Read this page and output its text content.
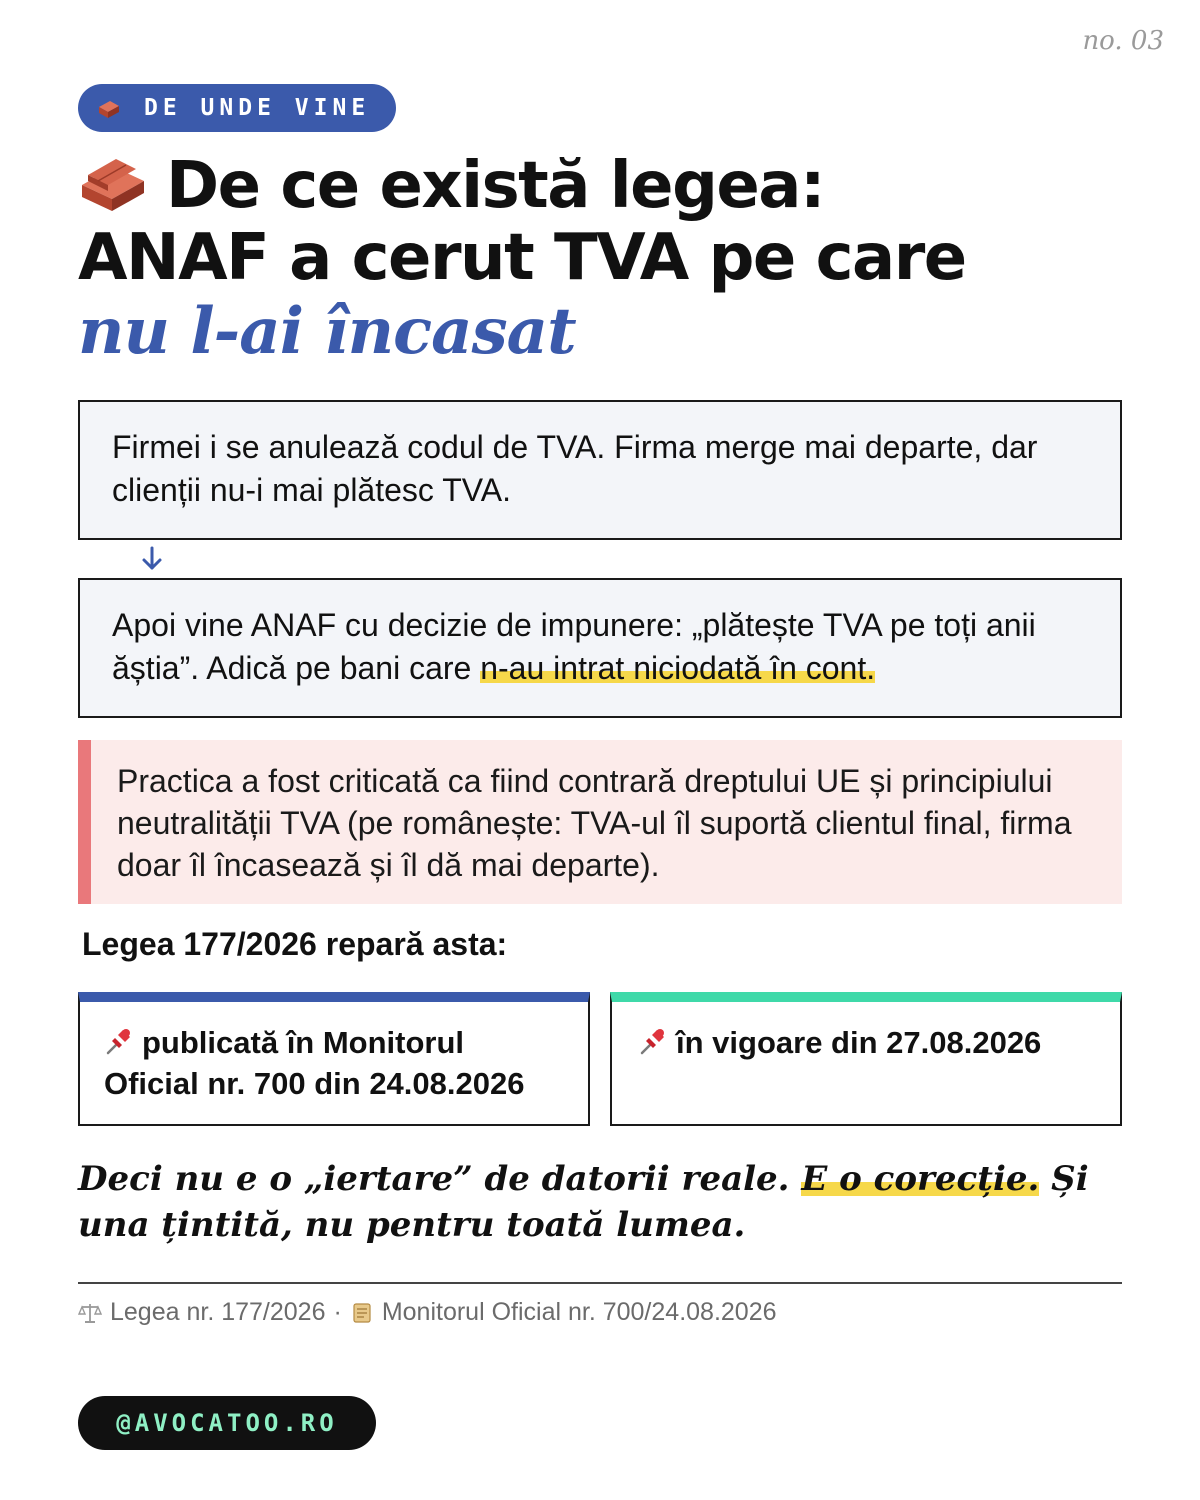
no. 03
DE UNDE VINE
De ce există legea:
ANAF a cerut TVA pe care
nu l-ai încasat
Firmei i se anulează codul de TVA. Firma merge mai departe, dar clienții nu-i mai plătesc TVA.
Apoi vine ANAF cu decizie de impunere: „plătește TVA pe toți anii ăștia”. Adică pe bani care n-au intrat niciodată în cont.
Practica a fost criticată ca fiind contrară dreptului UE și principiului neutralității TVA (pe românește: TVA-ul îl suportă clientul final, firma doar îl încasează și îl dă mai departe).
Legea 177/2026 repară asta:
publicată în Monitorul Oficial nr. 700 din 24.08.2026
în vigoare din 27.08.2026
Deci nu e o „iertare” de datorii reale. E o corecție. Și una țintită, nu pentru toată lumea.
Legea nr. 177/2026 · Monitorul Oficial nr. 700/24.08.2026
@AVOCATOO.RO
